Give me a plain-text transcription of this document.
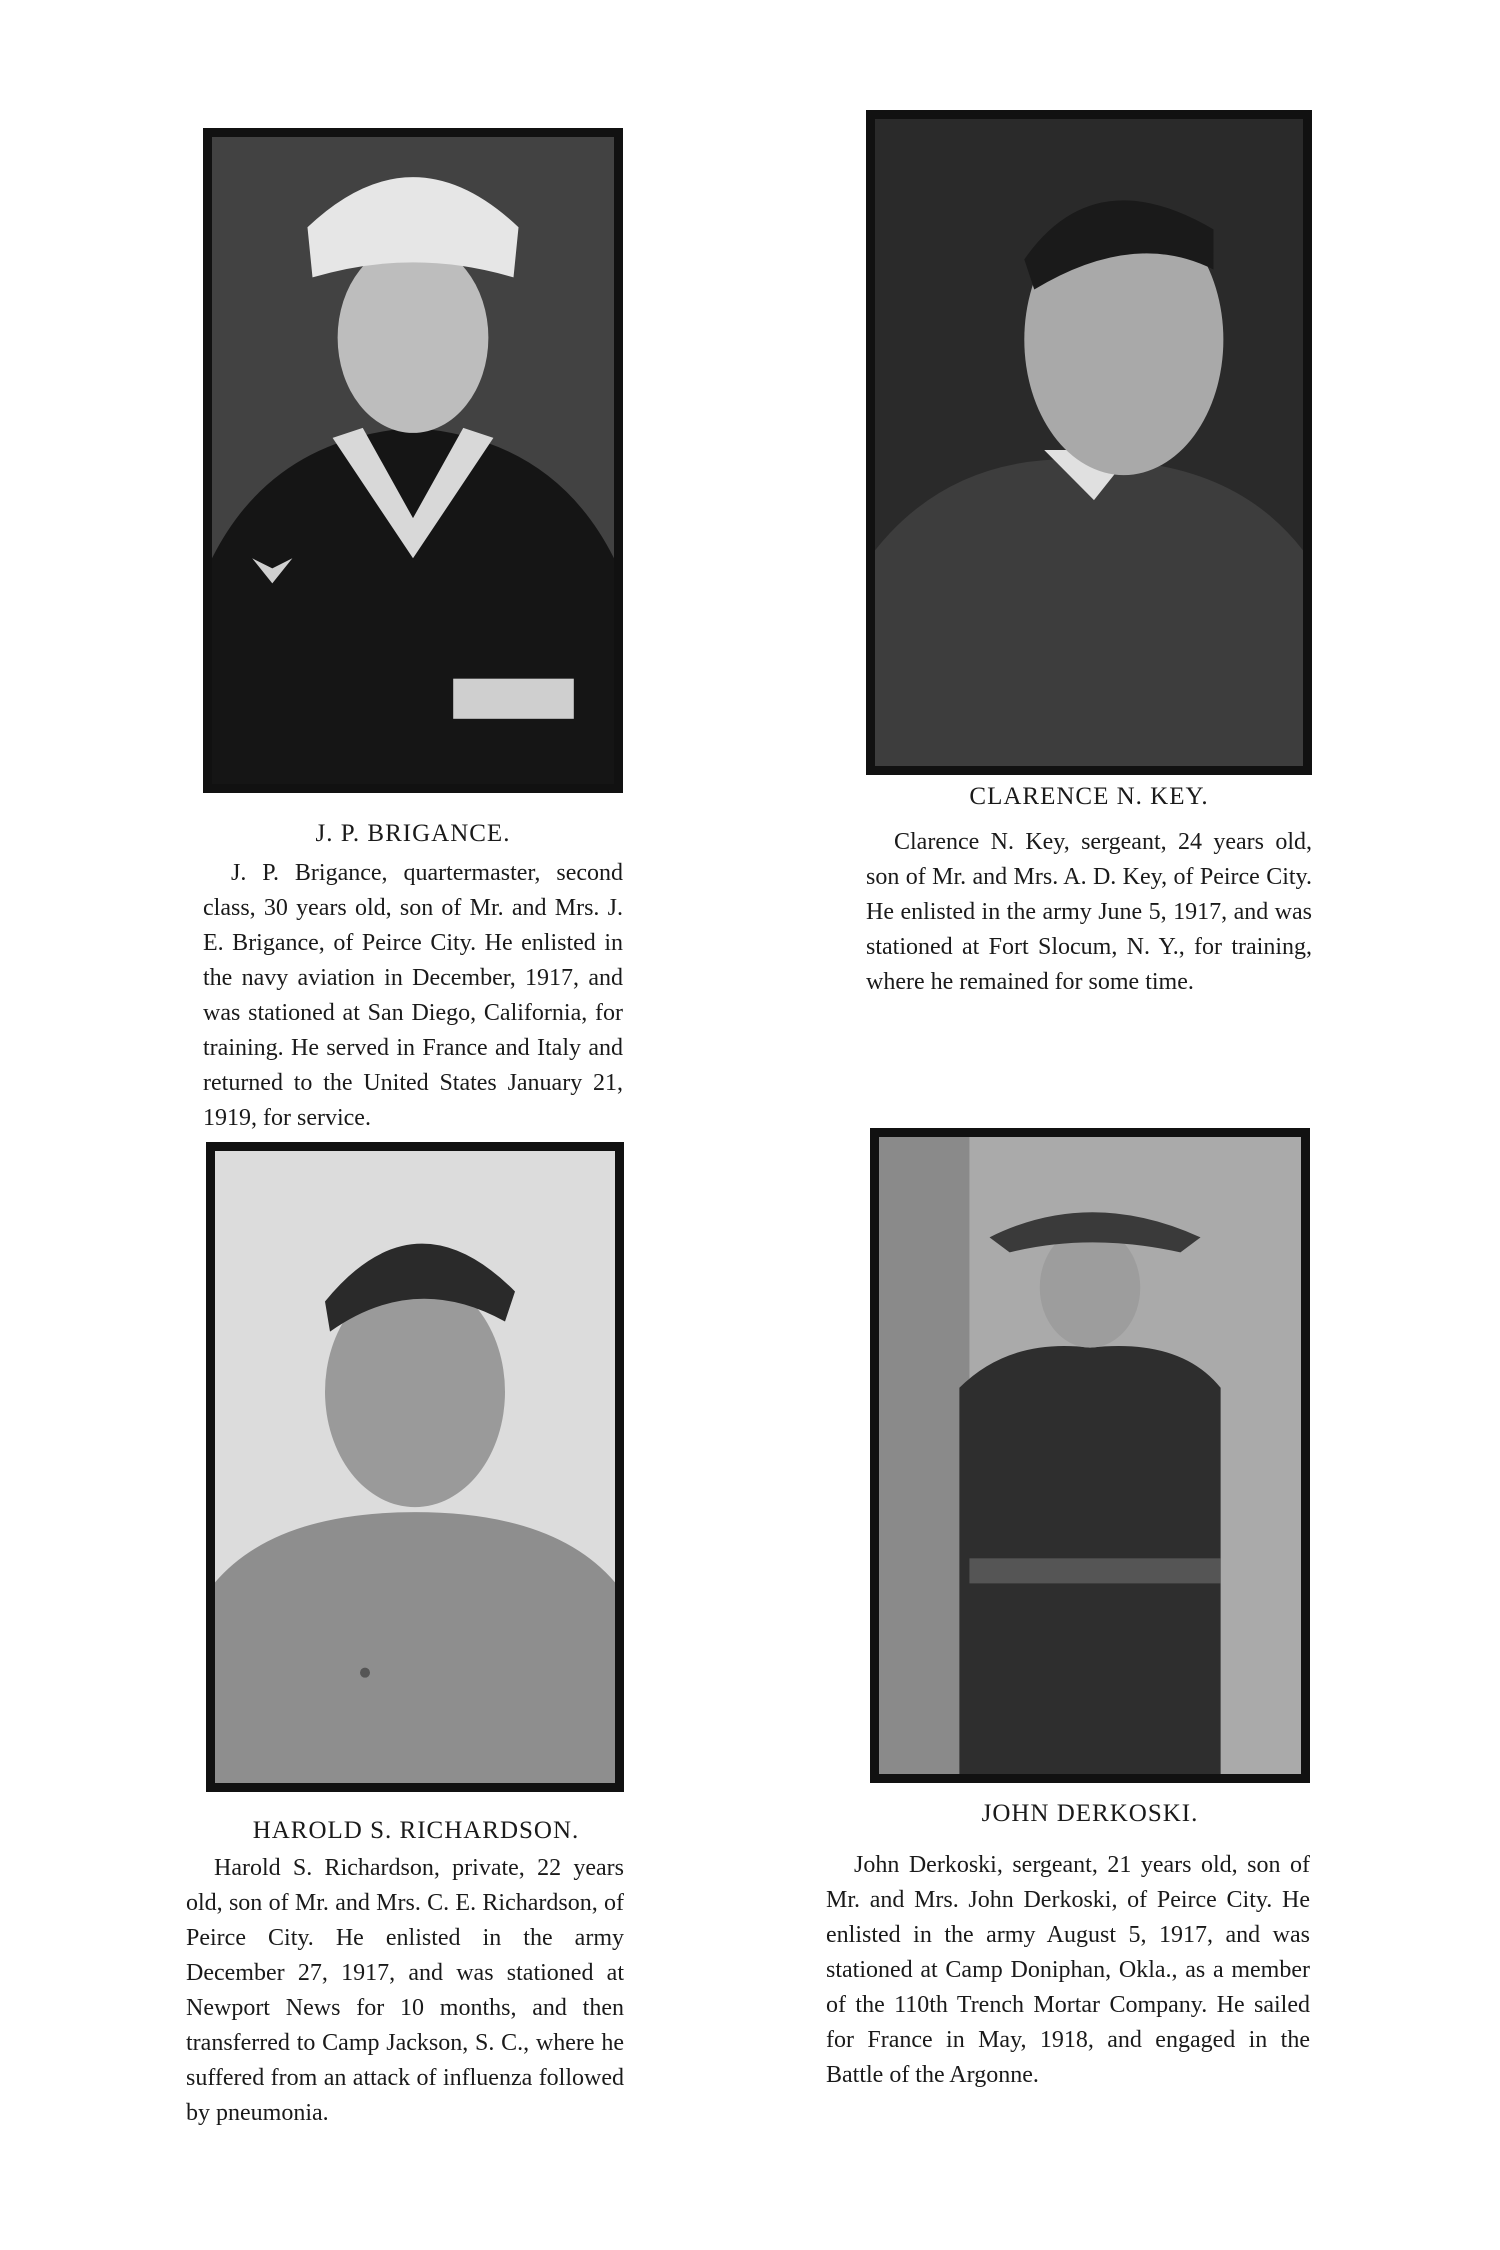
J. P. BRIGANCE.

J. P. Brigance, quartermaster, second class, 30 years old, son of Mr. and Mrs. J. E. Brigance, of Peirce City. He enlisted in the navy aviation in December, 1917, and was stationed at San Diego, California, for training. He served in France and Italy and returned to the United States January 21, 1919, for service.

CLARENCE N. KEY.

Clarence N. Key, sergeant, 24 years old, son of Mr. and Mrs. A. D. Key, of Peirce City. He enlisted in the army June 5, 1917, and was stationed at Fort Slocum, N. Y., for training, where he remained for some time.

HAROLD S. RICHARDSON.

Harold S. Richardson, private, 22 years old, son of Mr. and Mrs. C. E. Richardson, of Peirce City. He enlisted in the army December 27, 1917, and was stationed at Newport News for 10 months, and then transferred to Camp Jackson, S. C., where he suffered from an attack of influenza followed by pneumonia.

JOHN DERKOSKI.

John Derkoski, sergeant, 21 years old, son of Mr. and Mrs. John Derkoski, of Peirce City. He enlisted in the army August 5, 1917, and was stationed at Camp Doniphan, Okla., as a member of the 110th Trench Mortar Company. He sailed for France in May, 1918, and engaged in the Battle of the Argonne.
